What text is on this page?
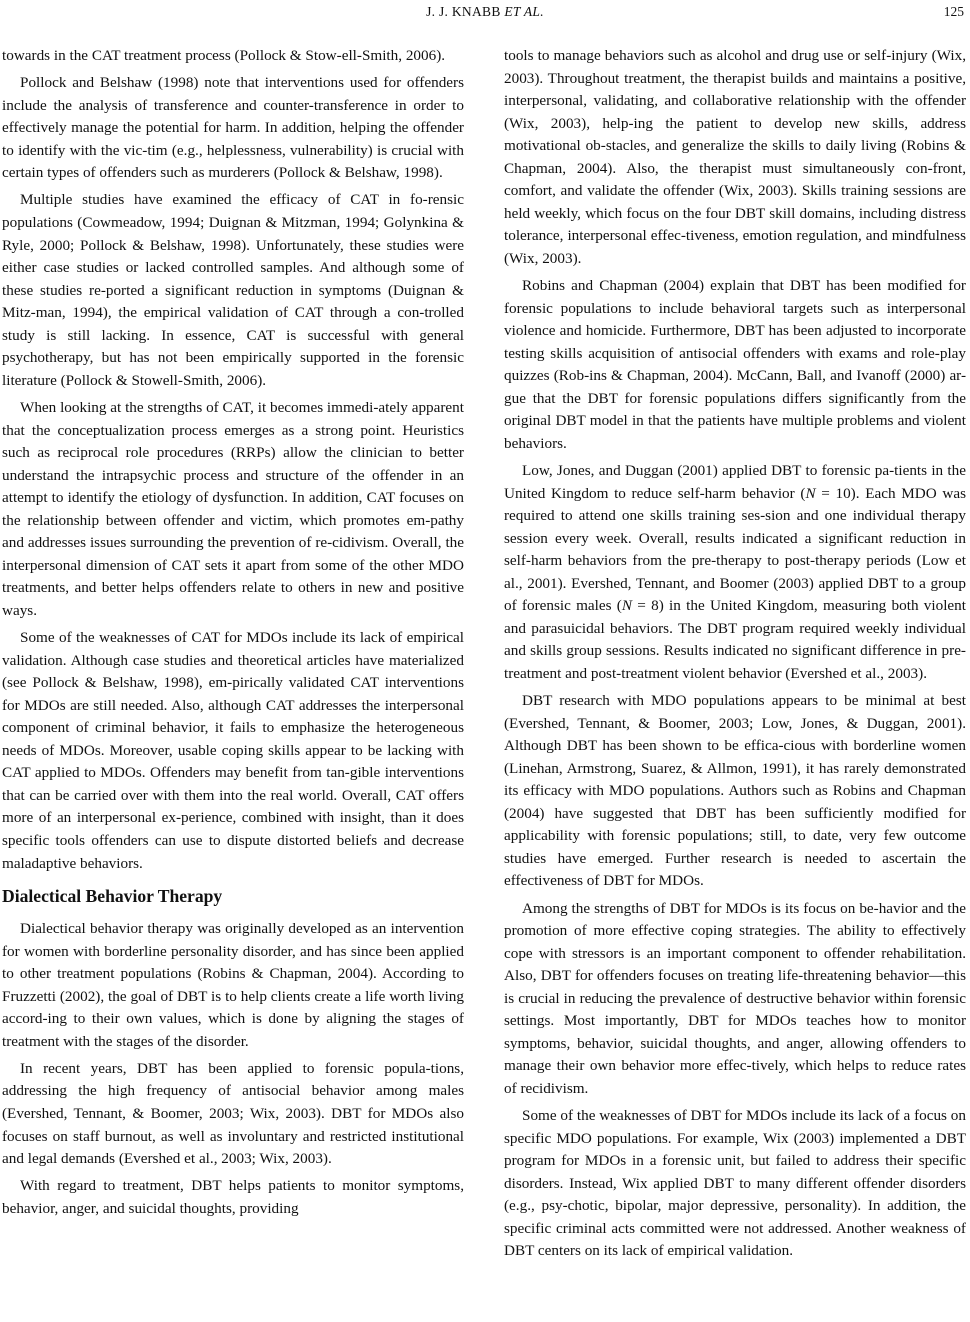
J. J. KNABB ET AL.	125

towards in the CAT treatment process (Pollock & Stow-ell-Smith, 2006).

Pollock and Belshaw (1998) note that interventions used for offenders include the analysis of transference and counter-transference in order to effectively manage the potential for harm. In addition, helping the offender to identify with the vic-tim (e.g., helplessness, vulnerability) is crucial with certain types of offenders such as murderers (Pollock & Belshaw, 1998).

Multiple studies have examined the efficacy of CAT in fo-rensic populations (Cowmeadow, 1994; Duignan & Mitzman, 1994; Golynkina & Ryle, 2000; Pollock & Belshaw, 1998). Unfortunately, these studies were either case studies or lacked controlled samples. And although some of these studies re-ported a significant reduction in symptoms (Duignan & Mitz-man, 1994), the empirical validation of CAT through a con-trolled study is still lacking. In essence, CAT is successful with general psychotherapy, but has not been empirically supported in the forensic literature (Pollock & Stowell-Smith, 2006).

When looking at the strengths of CAT, it becomes immedi-ately apparent that the conceptualization process emerges as a strong point. Heuristics such as reciprocal role procedures (RRPs) allow the clinician to better understand the intrapsychic process and structure of the offender in an attempt to identify the etiology of dysfunction. In addition, CAT focuses on the relationship between offender and victim, which promotes em-pathy and addresses issues surrounding the prevention of re-cidivism. Overall, the interpersonal dimension of CAT sets it apart from some of the other MDO treatments, and better helps offenders relate to others in new and positive ways.

Some of the weaknesses of CAT for MDOs include its lack of empirical validation. Although case studies and theoretical articles have materialized (see Pollock & Belshaw, 1998), em-pirically validated CAT interventions for MDOs are still needed. Also, although CAT addresses the interpersonal component of criminal behavior, it fails to emphasize the heterogeneous needs of MDOs. Moreover, usable coping skills appear to be lacking with CAT applied to MDOs. Offenders may benefit from tan-gible interventions that can be carried over with them into the real world. Overall, CAT offers more of an interpersonal ex-perience, combined with insight, than it does specific tools offenders can use to dispute distorted beliefs and decrease maladaptive behaviors.

Dialectical Behavior Therapy

Dialectical behavior therapy was originally developed as an intervention for women with borderline personality disorder, and has since been applied to other treatment populations (Robins & Chapman, 2004). According to Fruzzetti (2002), the goal of DBT is to help clients create a life worth living accord-ing to their own values, which is done by aligning the stages of treatment with the stages of the disorder.

In recent years, DBT has been applied to forensic popula-tions, addressing the high frequency of antisocial behavior among males (Evershed, Tennant, & Boomer, 2003; Wix, 2003). DBT for MDOs also focuses on staff burnout, as well as involuntary and restricted institutional and legal demands (Evershed et al., 2003; Wix, 2003).

With regard to treatment, DBT helps patients to monitor symptoms, behavior, anger, and suicidal thoughts, providing

tools to manage behaviors such as alcohol and drug use or self-injury (Wix, 2003). Throughout treatment, the therapist builds and maintains a positive, interpersonal, validating, and collaborative relationship with the offender (Wix, 2003), help-ing the patient to develop new skills, address motivational ob-stacles, and generalize the skills to daily living (Robins & Chapman, 2004). Also, the therapist must simultaneously con-front, comfort, and validate the offender (Wix, 2003). Skills training sessions are held weekly, which focus on the four DBT skill domains, including distress tolerance, interpersonal effec-tiveness, emotion regulation, and mindfulness (Wix, 2003).

Robins and Chapman (2004) explain that DBT has been modified for forensic populations to include behavioral targets such as interpersonal violence and homicide. Furthermore, DBT has been adjusted to incorporate testing skills acquisition of antisocial offenders with exams and role-play quizzes (Rob-ins & Chapman, 2004). McCann, Ball, and Ivanoff (2000) ar-gue that the DBT for forensic populations differs significantly from the original DBT model in that the patients have multiple problems and violent behaviors.

Low, Jones, and Duggan (2001) applied DBT to forensic pa-tients in the United Kingdom to reduce self-harm behavior (N = 10). Each MDO was required to attend one skills training ses-sion and one individual therapy session every week. Overall, results indicated a significant reduction in self-harm behaviors from the pre-therapy to post-therapy periods (Low et al., 2001). Evershed, Tennant, and Boomer (2003) applied DBT to a group of forensic males (N = 8) in the United Kingdom, measuring both violent and parasuicidal behaviors. The DBT program required weekly individual and skills group sessions. Results indicated no significant difference in pre-treatment and post-treatment violent behavior (Evershed et al., 2003).

DBT research with MDO populations appears to be minimal at best (Evershed, Tennant, & Boomer, 2003; Low, Jones, & Duggan, 2001). Although DBT has been shown to be effica-cious with borderline women (Linehan, Armstrong, Suarez, & Allmon, 1991), it has rarely demonstrated its efficacy with MDO populations. Authors such as Robins and Chapman (2004) have suggested that DBT has been sufficiently modified for applicability with forensic populations; still, to date, very few outcome studies have emerged. Further research is needed to ascertain the effectiveness of DBT for MDOs.

Among the strengths of DBT for MDOs is its focus on be-havior and the promotion of more effective coping strategies. The ability to effectively cope with stressors is an important component to offender rehabilitation. Also, DBT for offenders focuses on treating life-threatening behavior—this is crucial in reducing the prevalence of destructive behavior within forensic settings. Most importantly, DBT for MDOs teaches how to monitor symptoms, behavior, suicidal thoughts, and anger, allowing offenders to manage their own behavior more effec-tively, which helps to reduce rates of recidivism.

Some of the weaknesses of DBT for MDOs include its lack of a focus on specific MDO populations. For example, Wix (2003) implemented a DBT program for MDOs in a forensic unit, but failed to address their specific disorders. Instead, Wix applied DBT to many different offender disorders (e.g., psy-chotic, bipolar, major depressive, personality). In addition, the specific criminal acts committed were not addressed. Another weakness of DBT centers on its lack of empirical validation.
